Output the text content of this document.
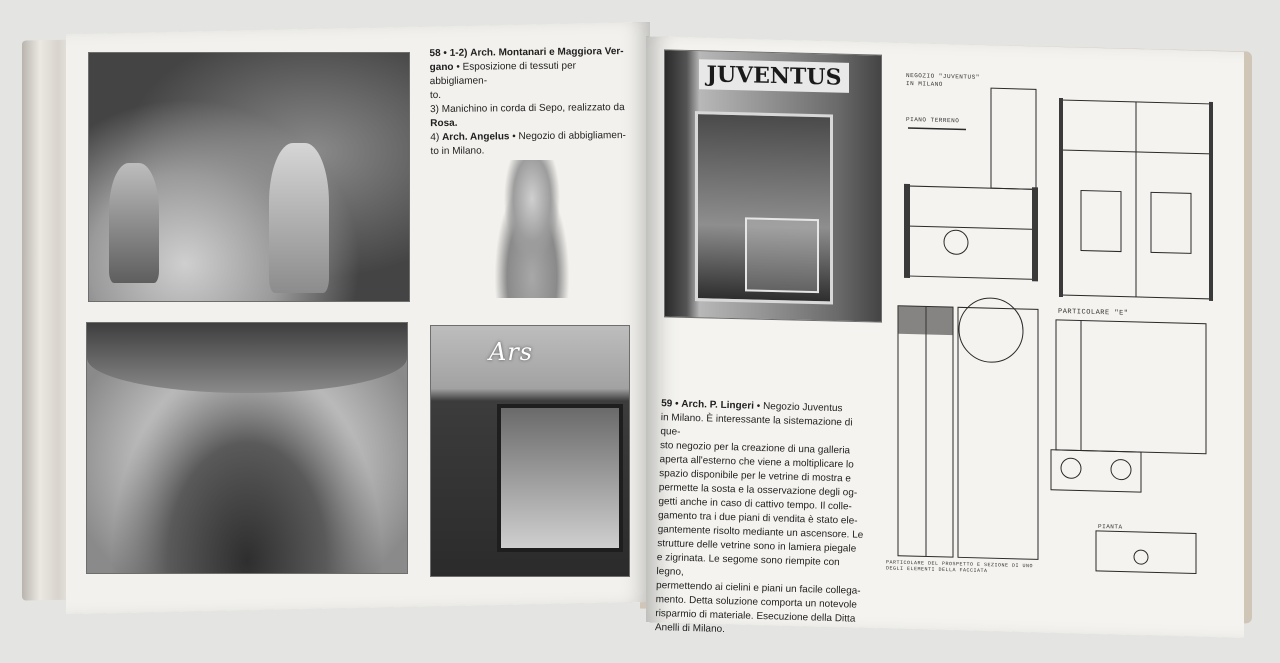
Ars
58 • 1-2) Arch. Montanari e Maggiora Ver-
gano • Esposizione di tessuti per abbigliamen-
to.
3) Manichino in corda di Sepo, realizzato da
Rosa.
4) Arch. Angelus • Negozio di abbigliamen-
to in Milano.
JUVENTUS
59 • Arch. P. Lingeri • Negozio Juventus
in Milano. È interessante la sistemazione di que-
sto negozio per la creazione di una galleria
aperta all'esterno che viene a moltiplicare lo
spazio disponibile per le vetrine di mostra e
permette la sosta e la osservazione degli og-
getti anche in caso di cattivo tempo. Il colle-
gamento tra i due piani di vendita è stato ele-
gantemente risolto mediante un ascensore. Le
strutture delle vetrine sono in lamiera piegale
e zigrinata. Le segome sono riempite con legno,
permettendo ai cielini e piani un facile collega-
mento. Detta soluzione comporta un notevole
risparmio di materiale. Esecuzione della Ditta
Anelli di Milano.
NEGOZIO "JUVENTUS"
IN MILANO
PIANO TERRENO
PARTICOLARE "E"
PARTICOLARE DEL PROSPETTO E SEZIONE DI UNO DEGLI ELEMENTI DELLA FACCIATA
PIANTA
